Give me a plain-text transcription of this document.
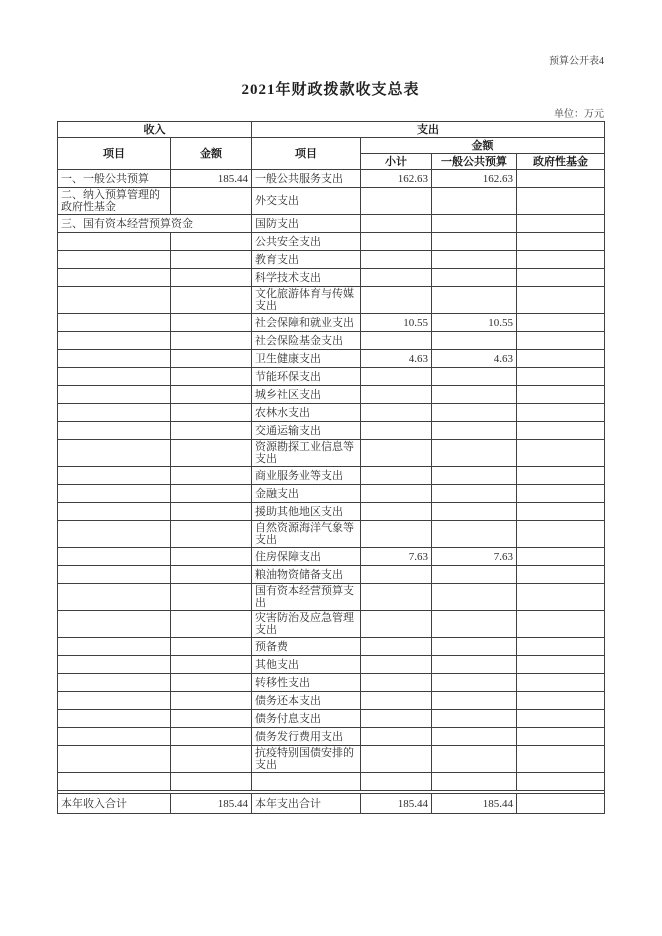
预算公开表4
2021年财政拨款收支总表
单位：万元
收入		支出			
项目	金额	项目	金额		
			小计	一般公共预算	政府性基金
一、一般公共预算	185.44	一般公共服务支出	162.63	162.63	
二、纳入预算管理的政府性基金		外交支出			
三、国有资本经营预算资金		国防支出			
		公共安全支出			
		教育支出			
		科学技术支出			
		文化旅游体育与传媒支出			
		社会保障和就业支出	10.55	10.55	
		社会保险基金支出			
		卫生健康支出	4.63	4.63	
		节能环保支出			
		城乡社区支出			
		农林水支出			
		交通运输支出			
		资源勘探工业信息等支出			
		商业服务业等支出			
		金融支出			
		援助其他地区支出			
		自然资源海洋气象等支出			
		住房保障支出	7.63	7.63	
		粮油物资储备支出			
		国有资本经营预算支出			
		灾害防治及应急管理支出			
		预备费			
		其他支出			
		转移性支出			
		债务还本支出			
		债务付息支出			
		债务发行费用支出			
		抗疫特别国债安排的支出			

本年收入合计	185.44	本年支出合计	185.44	185.44	
